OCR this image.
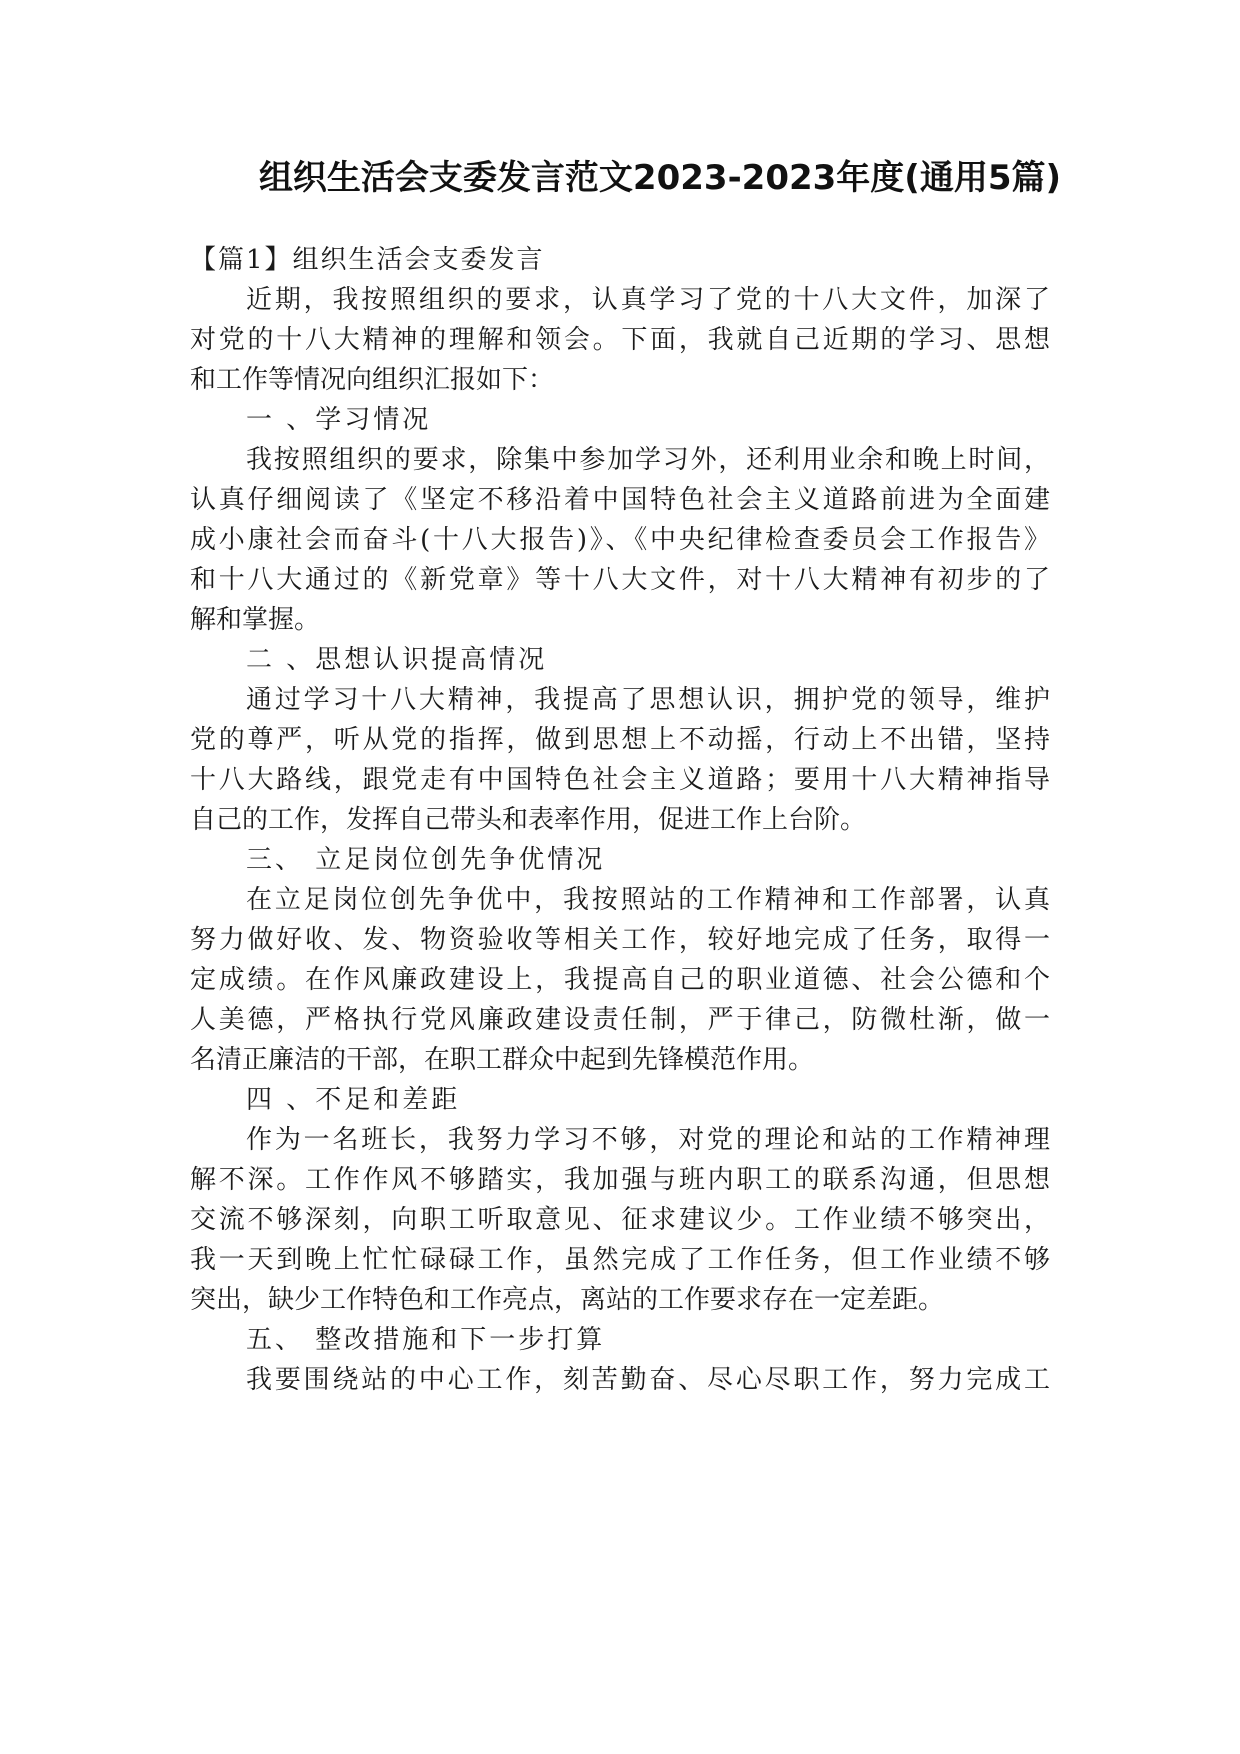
组织生活会支委发言范文2023-2023年度(通用5篇)
【篇1】组织生活会支委发言
近期，我按照组织的要求，认真学习了党的十八大文件，加深了
对党的十八大精神的理解和领会。下面，我就自己近期的学习、思想
和工作等情况向组织汇报如下：
一 、学习情况
我按照组织的要求，除集中参加学习外，还利用业余和晚上时间，
认真仔细阅读了《坚定不移沿着中国特色社会主义道路前进为全面建
成小康社会而奋斗(十八大报告)》、《中央纪律检查委员会工作报告》
和十八大通过的《新党章》等十八大文件，对十八大精神有初步的了
解和掌握。
二 、思想认识提高情况
通过学习十八大精神，我提高了思想认识，拥护党的领导，维护
党的尊严，听从党的指挥，做到思想上不动摇，行动上不出错，坚持
十八大路线，跟党走有中国特色社会主义道路；要用十八大精神指导
自己的工作，发挥自己带头和表率作用，促进工作上台阶。
三、 立足岗位创先争优情况
在立足岗位创先争优中，我按照站的工作精神和工作部署，认真
努力做好收、发、物资验收等相关工作，较好地完成了任务，取得一
定成绩。在作风廉政建设上，我提高自己的职业道德、社会公德和个
人美德，严格执行党风廉政建设责任制，严于律己，防微杜渐，做一
名清正廉洁的干部，在职工群众中起到先锋模范作用。
四 、不足和差距
作为一名班长，我努力学习不够，对党的理论和站的工作精神理
解不深。工作作风不够踏实，我加强与班内职工的联系沟通，但思想
交流不够深刻，向职工听取意见、征求建议少。工作业绩不够突出，
我一天到晚上忙忙碌碌工作，虽然完成了工作任务，但工作业绩不够
突出，缺少工作特色和工作亮点，离站的工作要求存在一定差距。
五、 整改措施和下一步打算
我要围绕站的中心工作，刻苦勤奋、尽心尽职工作，努力完成工
